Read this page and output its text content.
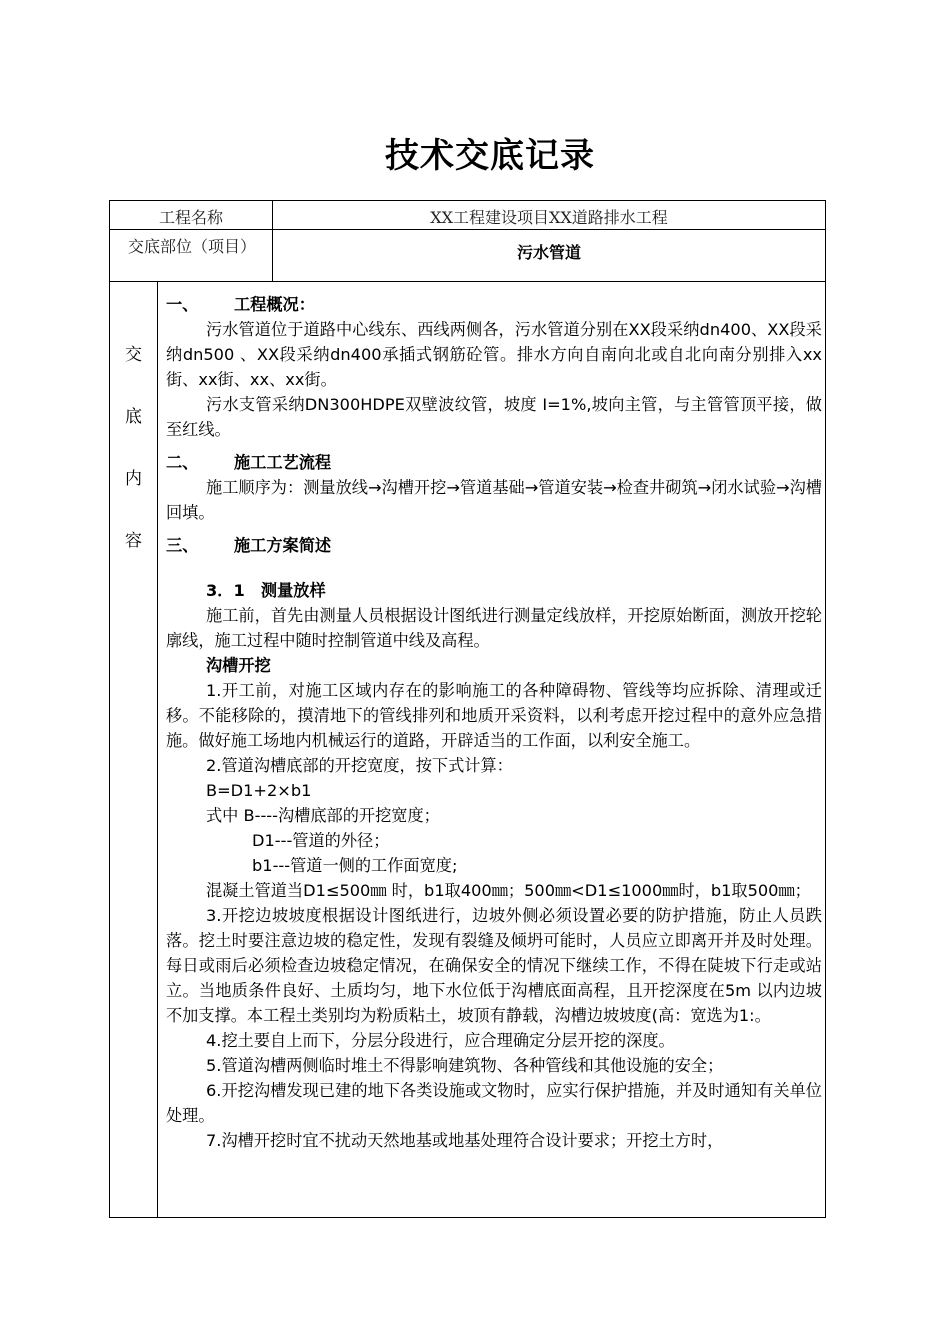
技术交底记录
工程名称	XX工程建设项目XX道路排水工程
交底部位（项目）	污水管道
交
底
内
容

一、 工程概况：

污水管道位于道路中心线东、西线两侧各，污水管道分别在XX段采纳dn400、XX段采纳dn500 、XX段采纳dn400承插式钢筋砼管。排水方向自南向北或自北向南分别排入xx街、xx街、xx、xx街。

污水支管采纳DN300HDPE双壁波纹管，坡度 I=1%,坡向主管，与主管管顶平接，做至红线。

二、 施工工艺流程

施工顺序为：测量放线→沟槽开挖→管道基础→管道安装→检查井砌筑→闭水试验→沟槽回填。

三、 施工方案简述

3．1　测量放样

施工前，首先由测量人员根据设计图纸进行测量定线放样，开挖原始断面，测放开挖轮廓线，施工过程中随时控制管道中线及高程。

沟槽开挖

1.开工前，对施工区域内存在的影响施工的各种障碍物、管线等均应拆除、清理或迁移。不能移除的，摸清地下的管线排列和地质开采资料，以利考虑开挖过程中的意外应急措施。做好施工场地内机械运行的道路，开辟适当的工作面，以利安全施工。

2.管道沟槽底部的开挖宽度，按下式计算：

B=D1+2×b1

式中 B----沟槽底部的开挖宽度；

D1---管道的外径；

b1---管道一侧的工作面宽度;

混凝土管道当D1≤500㎜ 时，b1取400㎜；500㎜<D1≤1000㎜时，b1取500㎜；

3.开挖边坡坡度根据设计图纸进行，边坡外侧必须设置必要的防护措施，防止人员跌落。挖土时要注意边坡的稳定性，发现有裂缝及倾坍可能时，人员应立即离开并及时处理。每日或雨后必须检查边坡稳定情况，在确保安全的情况下继续工作，不得在陡坡下行走或站立。当地质条件良好、土质均匀，地下水位低于沟槽底面高程，且开挖深度在5m 以内边坡不加支撑。本工程土类别均为粉质粘土，坡顶有静载，沟槽边坡坡度(高：宽选为1:。

4.挖土要自上而下，分层分段进行，应合理确定分层开挖的深度。

5.管道沟槽两侧临时堆土不得影响建筑物、各种管线和其他设施的安全；

6.开挖沟槽发现已建的地下各类设施或文物时，应实行保护措施，并及时通知有关单位处理。

7.沟槽开挖时宜不扰动天然地基或地基处理符合设计要求；开挖土方时，
